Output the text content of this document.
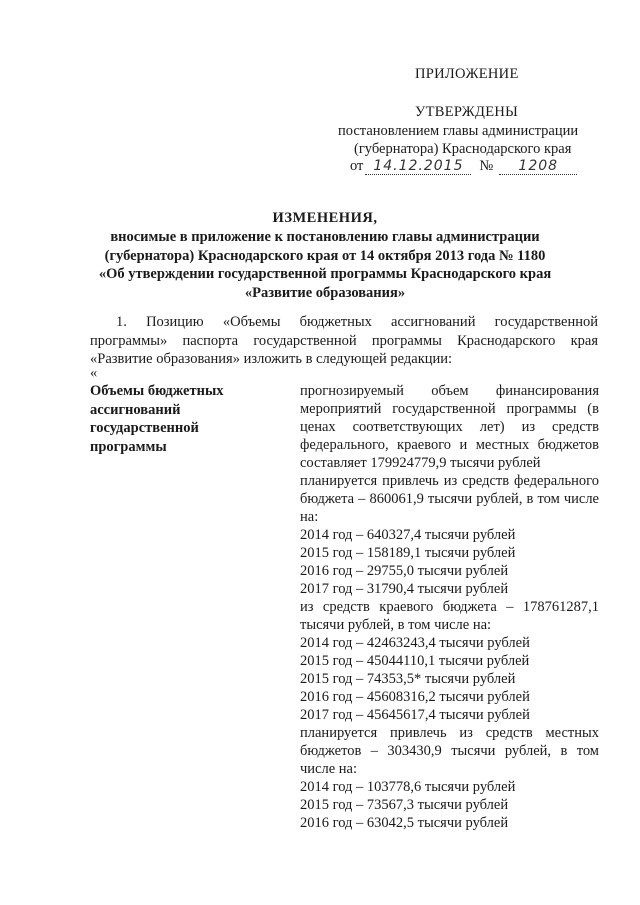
ПРИЛОЖЕНИЕ
УТВЕРЖДЕНЫ
постановлением главы администрации
(губернатора) Краснодарского края
от 14.12.2015	№	1208
ИЗМЕНЕНИЯ,
вносимые в приложение к постановлению главы администрации
(губернатора) Краснодарского края от 14 октября 2013 года № 1180
«Об утверждении государственной программы Краснодарского края
«Развитие образования»
1. Позицию «Объемы бюджетных ассигнований государственной программы» паспорта государственной программы Краснодарского края «Развитие образования» изложить в следующей редакции:
«
Объемы бюджетных ассигнований государственной программы

прогнозируемый объем финансирования мероприятий государственной программы (в ценах соответствующих лет) из средств федерального, краевого и местных бюджетов составляет 179924779,9 тысячи рублей

планируется привлечь из средств федерального бюджета – 860061,9 тысячи рублей, в том числе на:

2014 год – 640327,4 тысячи рублей
2015 год – 158189,1 тысячи рублей
2016 год – 29755,0 тысячи рублей
2017 год – 31790,4 тысячи рублей

из средств краевого бюджета – 178761287,1 тысячи рублей, в том числе на:

2014 год – 42463243,4 тысячи рублей
2015 год – 45044110,1 тысячи рублей
2015 год – 74353,5* тысячи рублей
2016 год – 45608316,2 тысячи рублей
2017 год – 45645617,4 тысячи рублей

планируется привлечь из средств местных бюджетов – 303430,9 тысячи рублей, в том числе на:

2014 год – 103778,6 тысячи рублей
2015 год – 73567,3 тысячи рублей
2016 год – 63042,5 тысячи рублей
